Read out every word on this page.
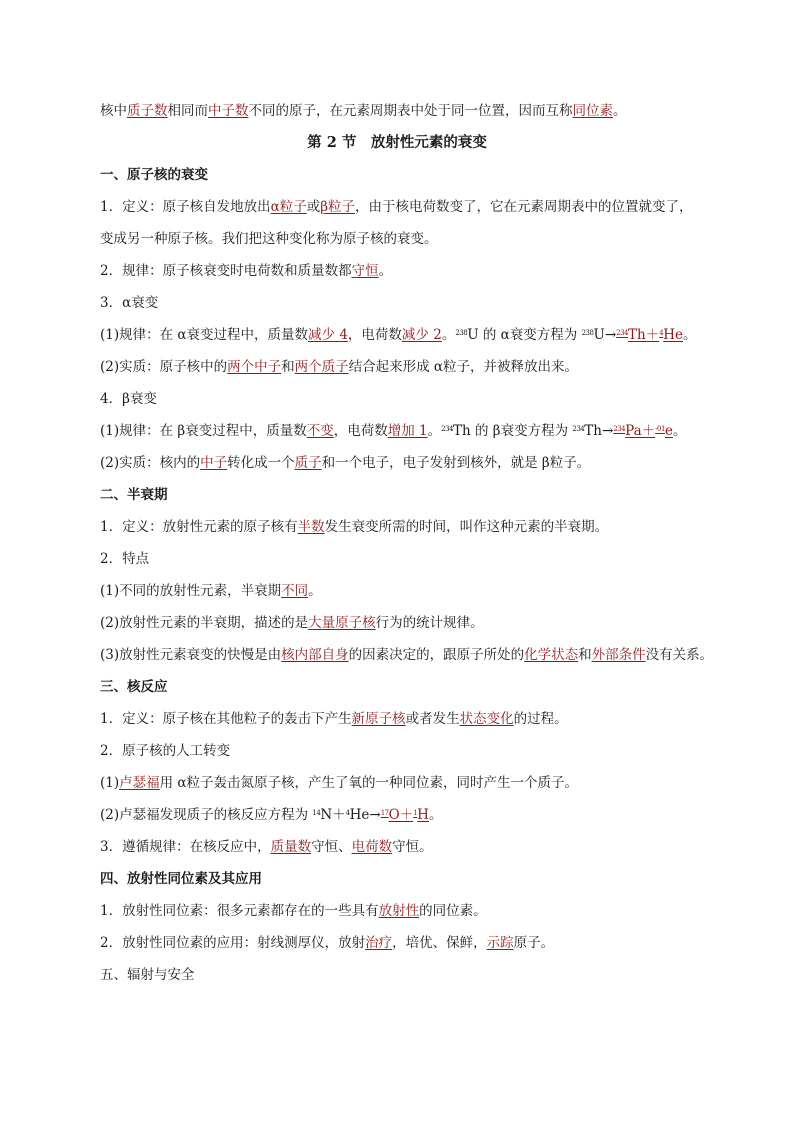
核中质子数相同而中子数不同的原子，在元素周期表中处于同一位置，因而互称同位素。
第 2 节　放射性元素的衰变
一、原子核的衰变
1．定义：原子核自发地放出α粒子或β粒子，由于核电荷数变了，它在元素周期表中的位置就变了，
变成另一种原子核。我们把这种变化称为原子核的衰变。
2．规律：原子核衰变时电荷数和质量数都守恒。
3．α衰变
(1)规律：在 α衰变过程中，质量数减少 4，电荷数减少 2。238U 的 α衰变方程为 238U→234Th＋4He。
(2)实质：原子核中的两个中子和两个质子结合起来形成 α粒子，并被释放出来。
4．β衰变
(1)规律：在 β衰变过程中，质量数不变，电荷数增加 1。234Th 的 β衰变方程为 234Th→234Pa＋-01e。
(2)实质：核内的中子转化成一个质子和一个电子，电子发射到核外，就是 β粒子。
二、半衰期
1．定义：放射性元素的原子核有半数发生衰变所需的时间，叫作这种元素的半衰期。
2．特点
(1)不同的放射性元素，半衰期不同。
(2)放射性元素的半衰期，描述的是大量原子核行为的统计规律。
(3)放射性元素衰变的快慢是由核内部自身的因素决定的，跟原子所处的化学状态和外部条件没有关系。
三、核反应
1．定义：原子核在其他粒子的轰击下产生新原子核或者发生状态变化的过程。
2．原子核的人工转变
(1)卢瑟福用 α粒子轰击氮原子核，产生了氧的一种同位素，同时产生一个质子。
(2)卢瑟福发现质子的核反应方程为 14N＋4He→17O＋1H。
3．遵循规律：在核反应中，质量数守恒、电荷数守恒。
四、放射性同位素及其应用
1．放射性同位素：很多元素都存在的一些具有放射性的同位素。
2．放射性同位素的应用：射线测厚仪，放射治疗，培优、保鲜，示踪原子。
五、辐射与安全
